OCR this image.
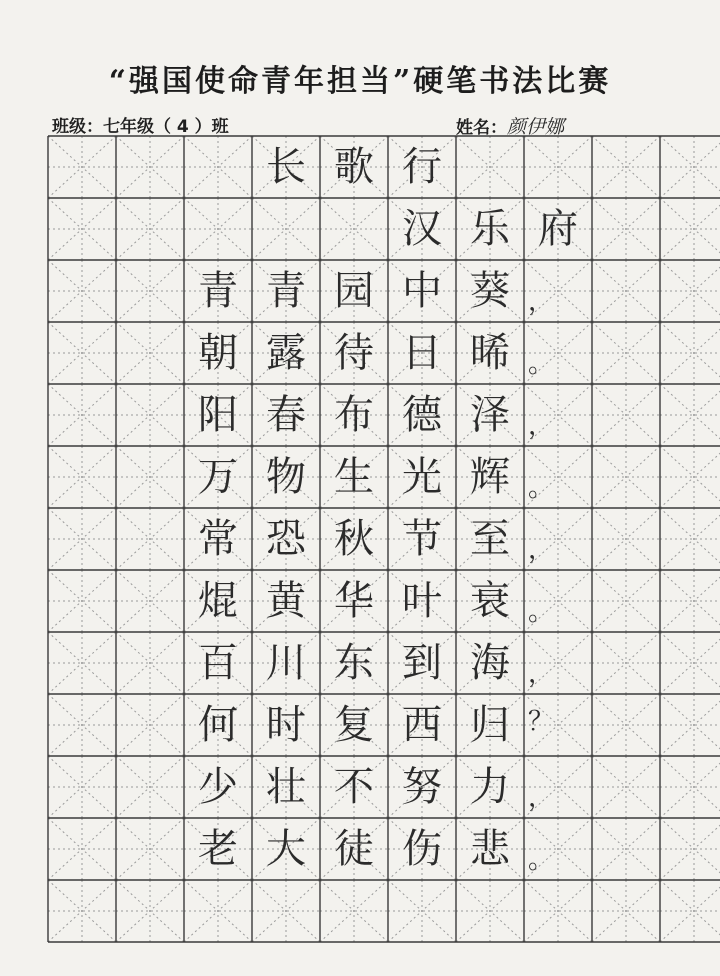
“强国使命青年担当”硬笔书法比赛
班级：七年级（ 4 ）班	姓名：颜伊娜
长 歌 行
汉 乐 府
青 青 园 中 葵 ，
朝 露 待 日 晞 。
阳 春 布 德 泽 ，
万 物 生 光 辉 。
常 恐 秋 节 至 ，
焜 黄 华 叶 衰 。
百 川 东 到 海 ，
何 时 复 西 归 ？
少 壮 不 努 力 ，
老 大 徒 伤 悲 。
